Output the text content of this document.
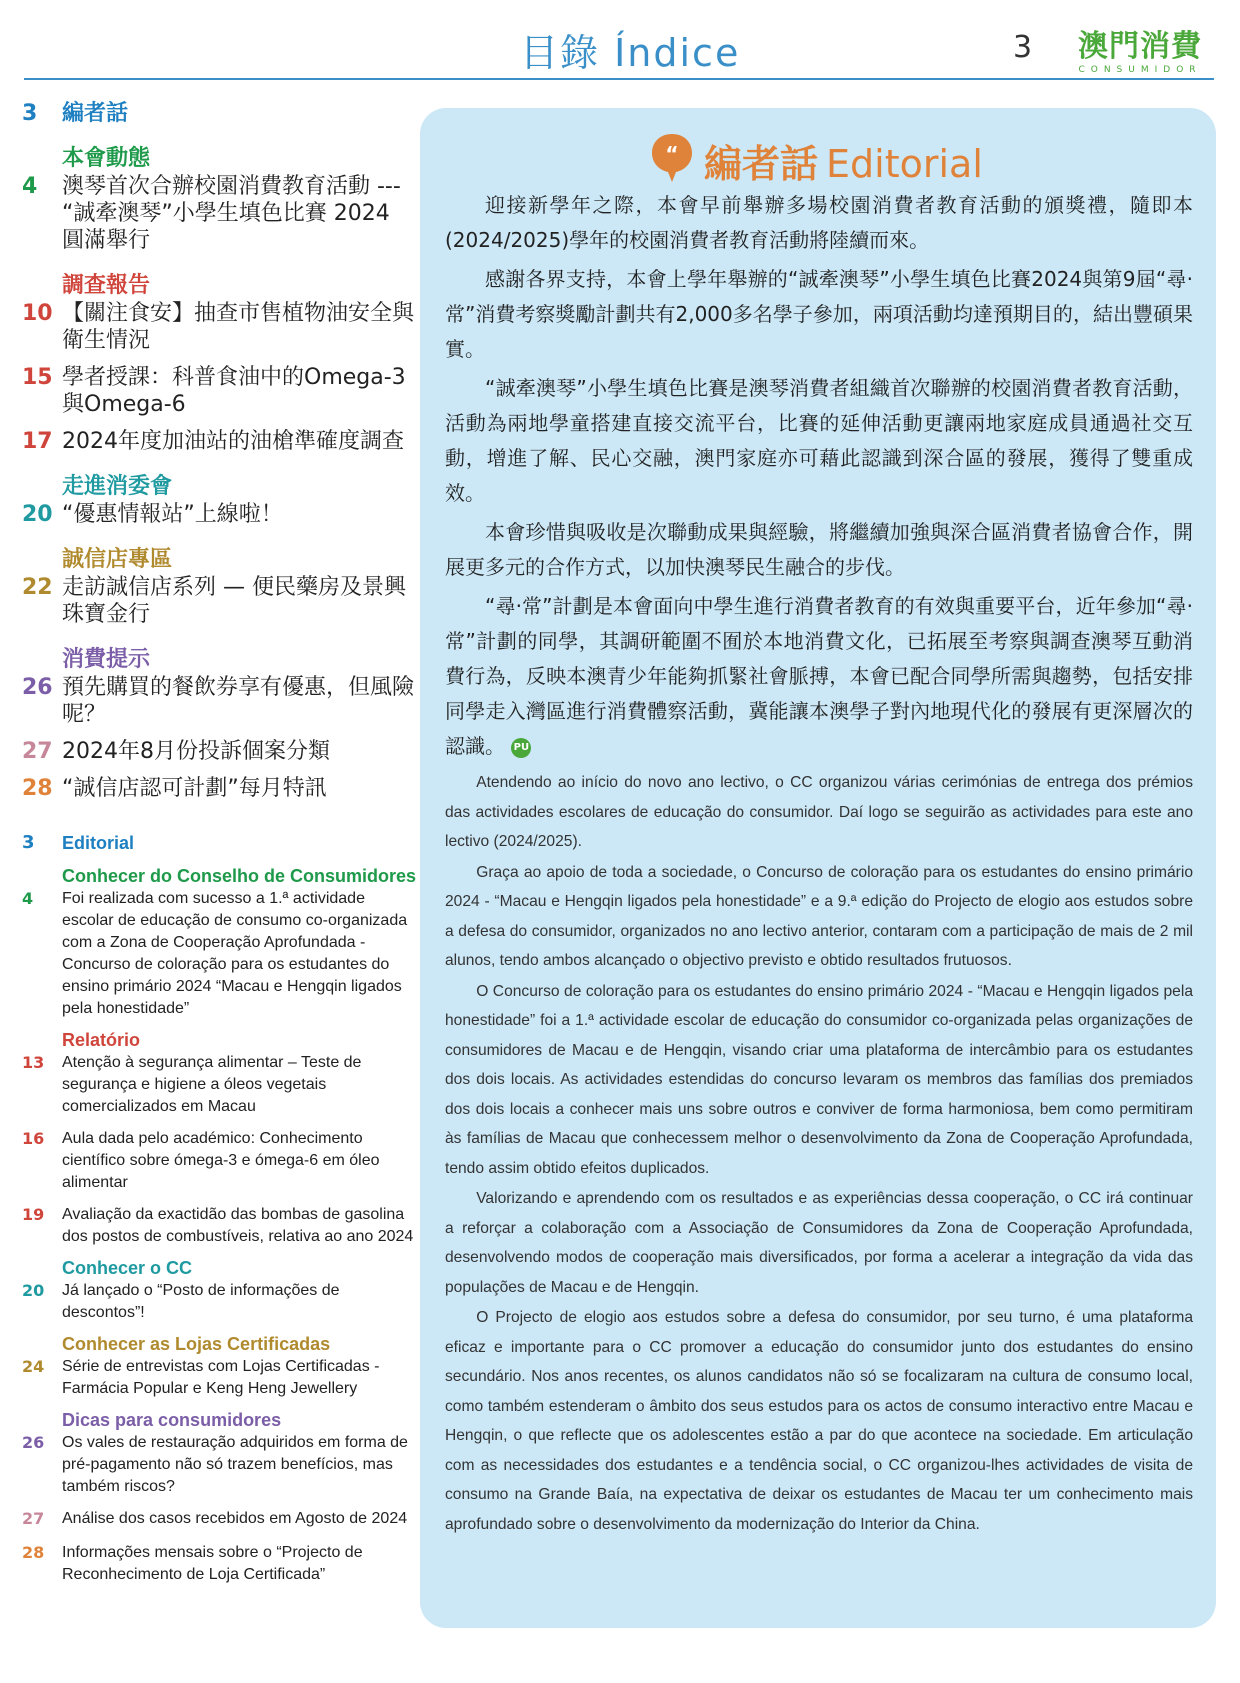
目錄 Índice	3 澳門消費
CONSUMIDOR
3	編者話
本會動態
4	澳琴首次合辦校園消費教育活動 --- “誠牽澳琴”小學生填色比賽 2024 圓滿舉行
調查報告
10 【關注食安】抽查市售植物油安全與衛生情況
15 學者授課：科普食油中的Omega-3與Omega-6
17 2024年度加油站的油槍準確度調查
走進消委會
20 “優惠情報站”上線啦！
誠信店專區
22 走訪誠信店系列 — 便民藥房及景興珠寶金行
消費提示
26 預先購買的餐飲券享有優惠，但風險呢？
27 2024年8月份投訴個案分類
28 “誠信店認可計劃”每月特訊
3	Editorial
Conhecer do Conselho de Consumidores
4	Foi realizada com sucesso a 1.ª actividade escolar de educação de consumo co-organizada com a Zona de Cooperação Aprofundada - Concurso de coloração para os estudantes do ensino primário 2024 “Macau e Hengqin ligados pela honestidade”
Relatório
13	Atenção à segurança alimentar – Teste de segurança e higiene a óleos vegetais comercializados em Macau
16	Aula dada pelo académico: Conhecimento científico sobre ómega-3 e ómega-6 em óleo alimentar
19	Avaliação da exactidão das bombas de gasolina dos postos de combustíveis, relativa ao ano 2024
Conhecer o CC
20	Já lançado o “Posto de informações de descontos”!
Conhecer as Lojas Certificadas
24	Série de entrevistas com Lojas Certificadas - Farmácia Popular e Keng Heng Jewellery
Dicas para consumidores
26	Os vales de restauração adquiridos em forma de pré-pagamento não só trazem benefícios, mas também riscos?
27	Análise dos casos recebidos em Agosto de 2024
28	Informações mensais sobre o “Projecto de Reconhecimento de Loja Certificada”
“ 編者話 Editorial

迎接新學年之際，本會早前舉辦多場校園消費者教育活動的頒獎禮，隨即本(2024/2025)學年的校園消費者教育活動將陸續而來。

感謝各界支持，本會上學年舉辦的“誠牽澳琴”小學生填色比賽2024與第9屆“尋‧常”消費考察獎勵計劃共有2,000多名學子參加，兩項活動均達預期目的，結出豐碩果實。

“誠牽澳琴”小學生填色比賽是澳琴消費者組織首次聯辦的校園消費者教育活動，活動為兩地學童搭建直接交流平台，比賽的延伸活動更讓兩地家庭成員通過社交互動，增進了解、民心交融，澳門家庭亦可藉此認識到深合區的發展，獲得了雙重成效。

本會珍惜與吸收是次聯動成果與經驗，將繼續加強與深合區消費者協會合作，開展更多元的合作方式，以加快澳琴民生融合的步伐。

“尋‧常”計劃是本會面向中學生進行消費者教育的有效與重要平台，近年參加“尋‧常”計劃的同學，其調研範圍不囿於本地消費文化，已拓展至考察與調查澳琴互動消費行為，反映本澳青少年能夠抓緊社會脈搏，本會已配合同學所需與趨勢，包括安排同學走入灣區進行消費體察活動，冀能讓本澳學子對內地現代化的發展有更深層次的認識。 PU

Atendendo ao início do novo ano lectivo, o CC organizou várias cerimónias de entrega dos prémios das actividades escolares de educação do consumidor. Daí logo se seguirão as actividades para este ano lectivo (2024/2025).

Graça ao apoio de toda a sociedade, o Concurso de coloração para os estudantes do ensino primário 2024 - “Macau e Hengqin ligados pela honestidade” e a 9.ª edição do Projecto de elogio aos estudos sobre a defesa do consumidor, organizados no ano lectivo anterior, contaram com a participação de mais de 2 mil alunos, tendo ambos alcançado o objectivo previsto e obtido resultados frutuosos.

O Concurso de coloração para os estudantes do ensino primário 2024 - “Macau e Hengqin ligados pela honestidade” foi a 1.ª actividade escolar de educação do consumidor co-organizada pelas organizações de consumidores de Macau e de Hengqin, visando criar uma plataforma de intercâmbio para os estudantes dos dois locais. As actividades estendidas do concurso levaram os membros das famílias dos premiados dos dois locais a conhecer mais uns sobre outros e conviver de forma harmoniosa, bem como permitiram às famílias de Macau que conhecessem melhor o desenvolvimento da Zona de Cooperação Aprofundada, tendo assim obtido efeitos duplicados.

Valorizando e aprendendo com os resultados e as experiências dessa cooperação, o CC irá continuar a reforçar a colaboração com a Associação de Consumidores da Zona de Cooperação Aprofundada, desenvolvendo modos de cooperação mais diversificados, por forma a acelerar a integração da vida das populações de Macau e de Hengqin.

O Projecto de elogio aos estudos sobre a defesa do consumidor, por seu turno, é uma plataforma eficaz e importante para o CC promover a educação do consumidor junto dos estudantes do ensino secundário. Nos anos recentes, os alunos candidatos não só se focalizaram na cultura de consumo local, como também estenderam o âmbito dos seus estudos para os actos de consumo interactivo entre Macau e Hengqin, o que reflecte que os adolescentes estão a par do que acontece na sociedade. Em articulação com as necessidades dos estudantes e a tendência social, o CC organizou-lhes actividades de visita de consumo na Grande Baía, na expectativa de deixar os estudantes de Macau ter um conhecimento mais aprofundado sobre o desenvolvimento da modernização do Interior da China.
